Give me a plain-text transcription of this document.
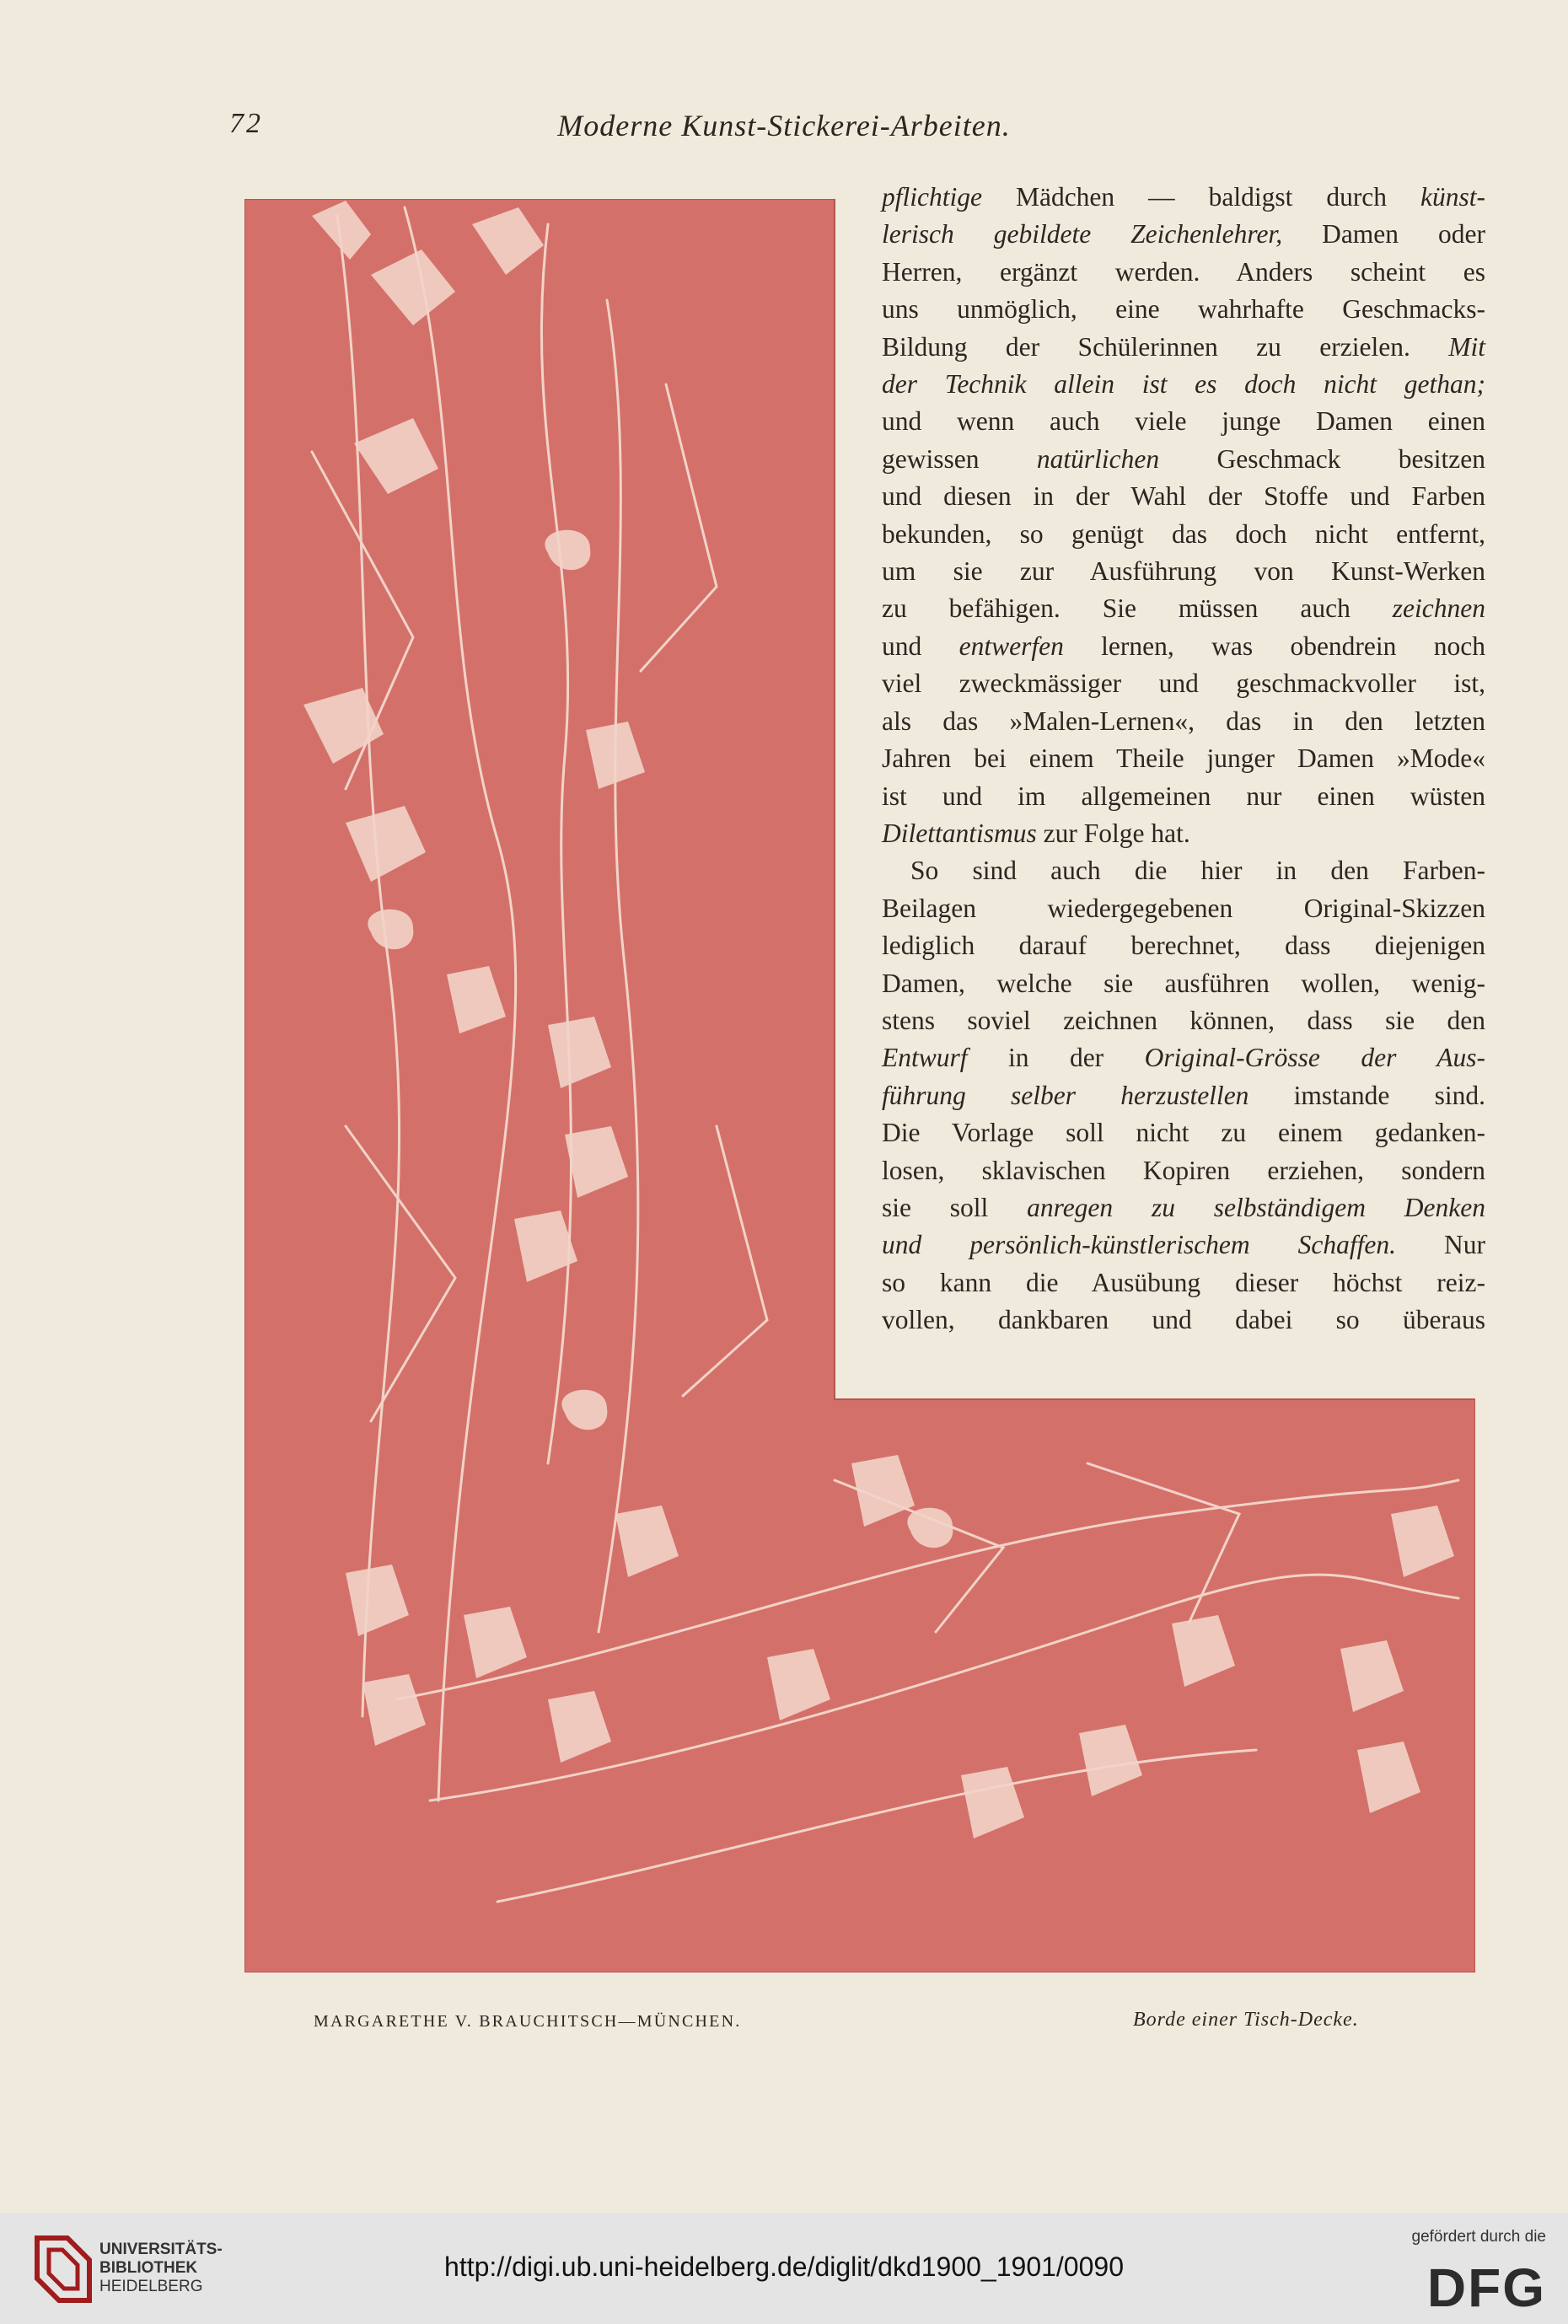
72	Moderne Kunst-Stickerei-Arbeiten.
pflichtige Mädchen — baldigst durch künst-
lerisch gebildete Zeichenlehrer, Damen oder
Herren, ergänzt werden. Anders scheint es
uns unmöglich, eine wahrhafte Geschmacks-
Bildung der Schülerinnen zu erzielen. Mit
der Technik allein ist es doch nicht gethan;
und wenn auch viele junge Damen einen
gewissen natürlichen Geschmack besitzen
und diesen in der Wahl der Stoffe und Farben
bekunden, so genügt das doch nicht entfernt,
um sie zur Ausführung von Kunst-Werken
zu befähigen. Sie müssen auch zeichnen
und entwerfen lernen, was obendrein noch
viel zweckmässiger und geschmackvoller ist,
als das »Malen-Lernen«, das in den letzten
Jahren bei einem Theile junger Damen »Mode«
ist und im allgemeinen nur einen wüsten
Dilettantismus zur Folge hat.
So sind auch die hier in den Farben-
Beilagen wiedergegebenen Original-Skizzen
lediglich darauf berechnet, dass diejenigen
Damen, welche sie ausführen wollen, wenig-
stens soviel zeichnen können, dass sie den
Entwurf in der Original-Grösse der Aus-
führung selber herzustellen imstande sind.
Die Vorlage soll nicht zu einem gedanken-
losen, sklavischen Kopiren erziehen, sondern
sie soll anregen zu selbständigem Denken
und persönlich-künstlerischem Schaffen. Nur
so kann die Ausübung dieser höchst reiz-
vollen, dankbaren und dabei so überaus
MARGARETHE V. BRAUCHITSCH—MÜNCHEN.	Borde einer Tisch-Decke.
UNIVERSITÄTS-
BIBLIOTHEK
HEIDELBERG
http://digi.ub.uni-heidelberg.de/diglit/dkd1900_1901/0090
gefördert durch die
DFG
